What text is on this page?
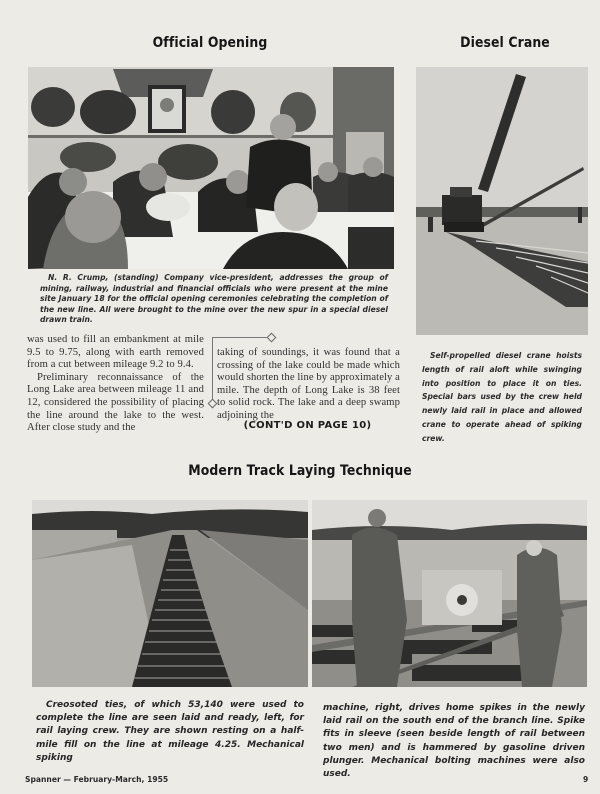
Official Opening	Diesel Crane
N. R. Crump, (standing) Company vice-president, addresses the group of mining, railway, industrial and financial officials who were present at the mine site January 18 for the official opening ceremonies celebrating the completion of the new line. All were brought to the mine over the new spur in a special diesel drawn train.
Self-propelled diesel crane hoists length of rail aloft while swinging into position to place it on ties. Special bars used by the crew held newly laid rail in place and allowed crane to operate ahead of spiking crew.

was used to fill an embankment at mile 9.5 to 9.75, along with earth removed from a cut between mileage 9.2 to 9.4.

Preliminary reconnaissance of the Long Lake area between mileage 11 and 12, considered the possibility of placing the line around the lake to the west. After close study and the

taking of soundings, it was found that a crossing of the lake could be made which would shorten the line by approximately a mile. The depth of Long Lake is 38 feet to solid rock. The lake and a deep swamp adjoining the

(CONT'D ON PAGE 10)
Modern Track Laying Technique
Creosoted ties, of which 53,140 were used to complete the line are seen laid and ready, left, for rail laying crew. They are shown resting on a half-mile fill on the line at mileage 4.25. Mechanical spiking
machine, right, drives home spikes in the newly laid rail on the south end of the branch line. Spike fits in sleeve (seen beside length of rail between two men) and is hammered by gasoline driven plunger. Mechanical bolting machines were also used.
Spanner — February-March, 1955	9
